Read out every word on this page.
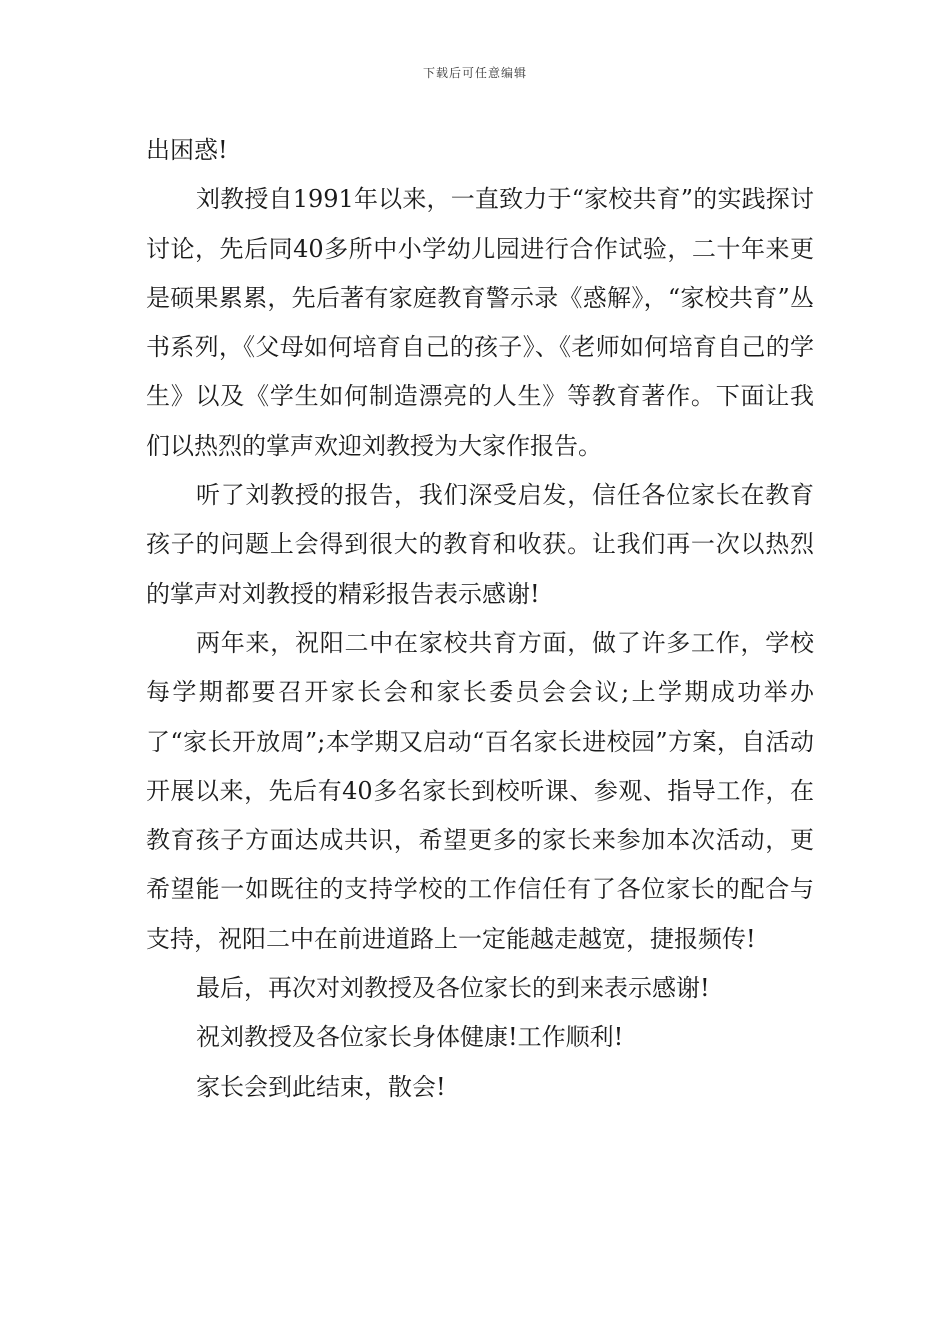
下载后可任意编辑

出困惑!

刘教授自1991年以来，一直致力于“家校共育”的实践探讨讨论，先后同40多所中小学幼儿园进行合作试验，二十年来更是硕果累累，先后著有家庭教育警示录《惑解》，“家校共育”丛书系列，《父母如何培育自己的孩子》、《老师如何培育自己的学生》以及《学生如何制造漂亮的人生》等教育著作。下面让我们以热烈的掌声欢迎刘教授为大家作报告。

听了刘教授的报告，我们深受启发，信任各位家长在教育孩子的问题上会得到很大的教育和收获。让我们再一次以热烈的掌声对刘教授的精彩报告表示感谢!

两年来，祝阳二中在家校共育方面，做了许多工作，学校每学期都要召开家长会和家长委员会会议;上学期成功举办了“家长开放周”;本学期又启动“百名家长进校园”方案，自活动开展以来，先后有40多名家长到校听课、参观、指导工作，在教育孩子方面达成共识，希望更多的家长来参加本次活动，更希望能一如既往的支持学校的工作信任有了各位家长的配合与支持，祝阳二中在前进道路上一定能越走越宽，捷报频传!

最后，再次对刘教授及各位家长的到来表示感谢!

祝刘教授及各位家长身体健康!工作顺利!

家长会到此结束，散会!
